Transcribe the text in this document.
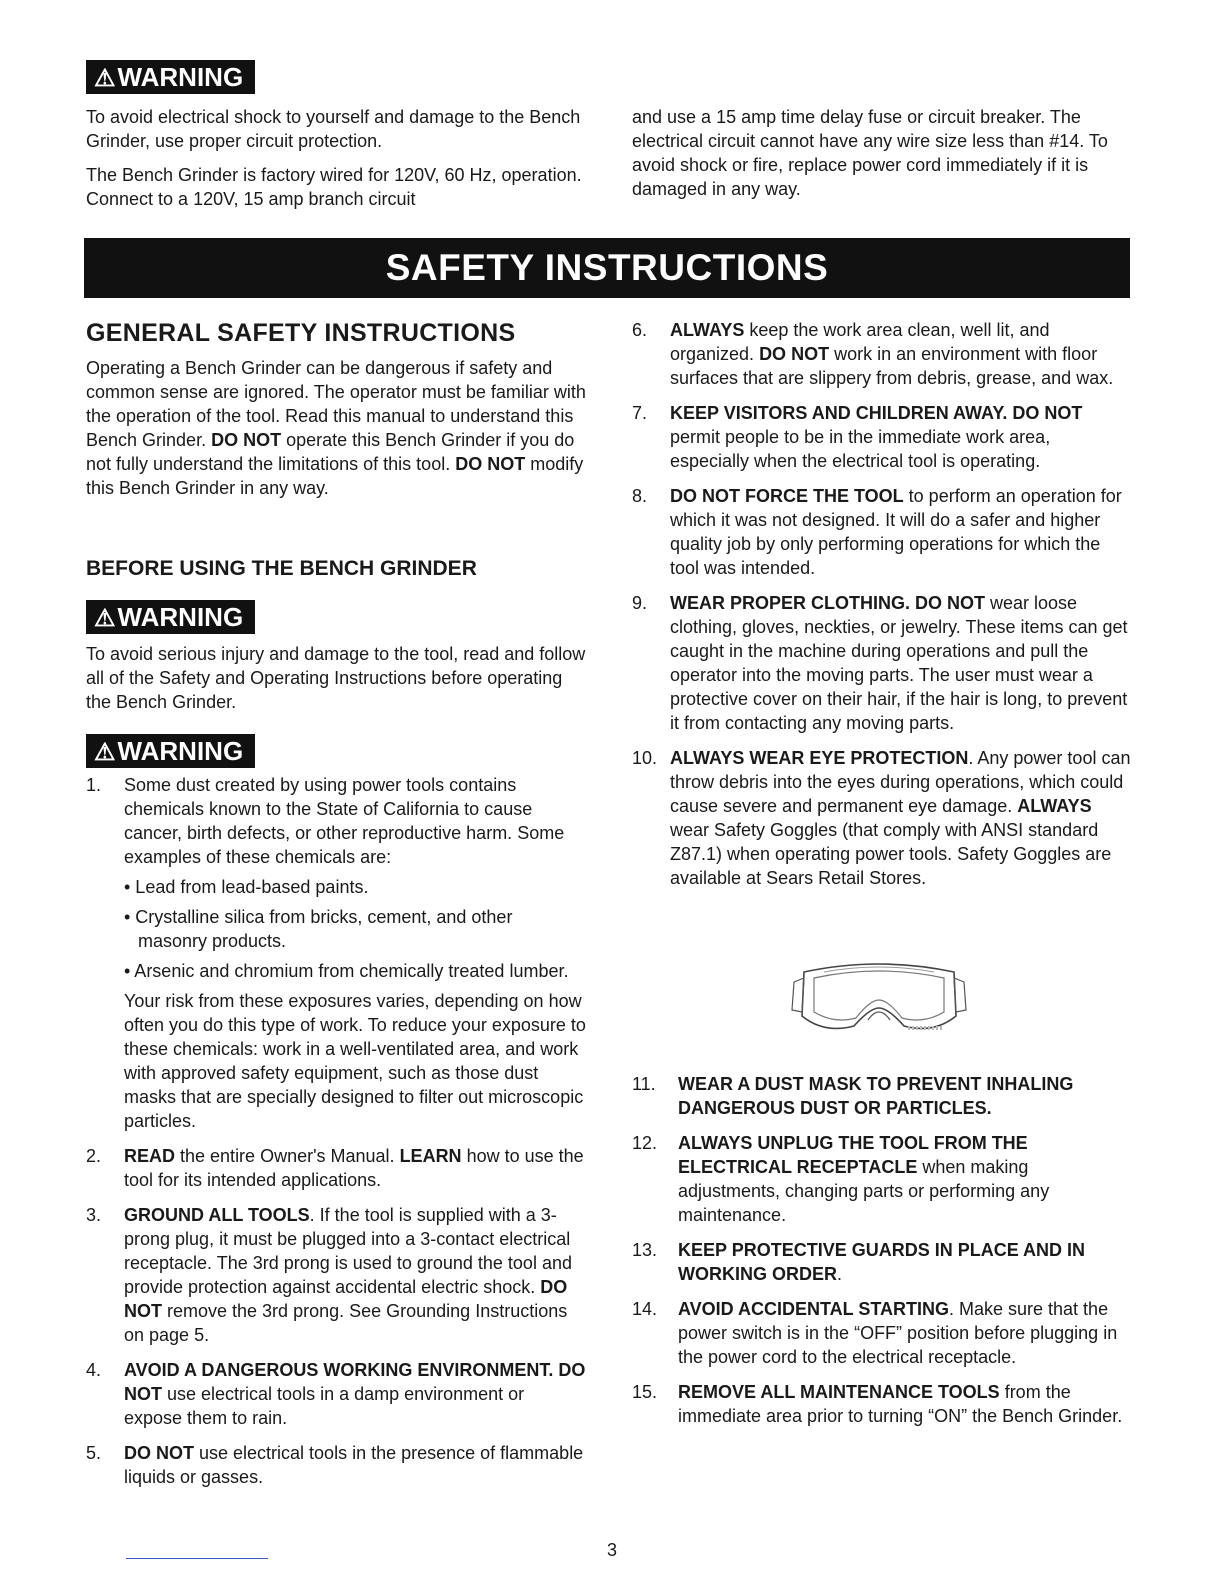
⚠WARNING

To avoid electrical shock to yourself and damage to the Bench Grinder, use proper circuit protection.

The Bench Grinder is factory wired for 120V, 60 Hz, operation. Connect to a 120V, 15 amp branch circuit

and use a 15 amp time delay fuse or circuit breaker. The electrical circuit cannot have any wire size less than #14. To avoid shock or fire, replace power cord immediately if it is damaged in any way.

SAFETY INSTRUCTIONS
GENERAL SAFETY INSTRUCTIONS

Operating a Bench Grinder can be dangerous if safety and common sense are ignored. The operator must be familiar with the operation of the tool. Read this manual to understand this Bench Grinder. DO NOT operate this Bench Grinder if you do not fully understand the limitations of this tool. DO NOT modify this Bench Grinder in any way.

BEFORE USING THE BENCH GRINDER
⚠WARNING

To avoid serious injury and damage to the tool, read and follow all of the Safety and Operating Instructions before operating the Bench Grinder.

⚠WARNING
1. Some dust created by using power tools contains chemicals known to the State of California to cause cancer, birth defects, or other reproductive harm. Some examples of these chemicals are:
• Lead from lead-based paints.
• Crystalline silica from bricks, cement, and other masonry products.
• Arsenic and chromium from chemically treated lumber.
Your risk from these exposures varies, depending on how often you do this type of work. To reduce your exposure to these chemicals: work in a well-ventilated area, and work with approved safety equipment, such as those dust masks that are specially designed to filter out microscopic particles.
2. READ the entire Owner's Manual. LEARN how to use the tool for its intended applications.
3. GROUND ALL TOOLS. If the tool is supplied with a 3-prong plug, it must be plugged into a 3-contact electrical receptacle. The 3rd prong is used to ground the tool and provide protection against accidental electric shock. DO NOT remove the 3rd prong. See Grounding Instructions on page 5.
4. AVOID A DANGEROUS WORKING ENVIRONMENT. DO NOT use electrical tools in a damp environment or expose them to rain.
5. DO NOT use electrical tools in the presence of flammable liquids or gasses.
6. ALWAYS keep the work area clean, well lit, and organized. DO NOT work in an environment with floor surfaces that are slippery from debris, grease, and wax.
7. KEEP VISITORS AND CHILDREN AWAY. DO NOT permit people to be in the immediate work area, especially when the electrical tool is operating.
8. DO NOT FORCE THE TOOL to perform an operation for which it was not designed. It will do a safer and higher quality job by only performing operations for which the tool was intended.
9. WEAR PROPER CLOTHING. DO NOT wear loose clothing, gloves, neckties, or jewelry. These items can get caught in the machine during operations and pull the operator into the moving parts. The user must wear a protective cover on their hair, if the hair is long, to prevent it from contacting any moving parts.
10. ALWAYS WEAR EYE PROTECTION. Any power tool can throw debris into the eyes during operations, which could cause severe and permanent eye damage. ALWAYS wear Safety Goggles (that comply with ANSI standard Z87.1) when operating power tools. Safety Goggles are available at Sears Retail Stores.
11. WEAR A DUST MASK TO PREVENT INHALING DANGEROUS DUST OR PARTICLES.
12. ALWAYS UNPLUG THE TOOL FROM THE ELECTRICAL RECEPTACLE when making adjustments, changing parts or performing any maintenance.
13. KEEP PROTECTIVE GUARDS IN PLACE AND IN WORKING ORDER.
14. AVOID ACCIDENTAL STARTING. Make sure that the power switch is in the “OFF” position before plugging in the power cord to the electrical receptacle.
15. REMOVE ALL MAINTENANCE TOOLS from the immediate area prior to turning “ON” the Bench Grinder.
3
